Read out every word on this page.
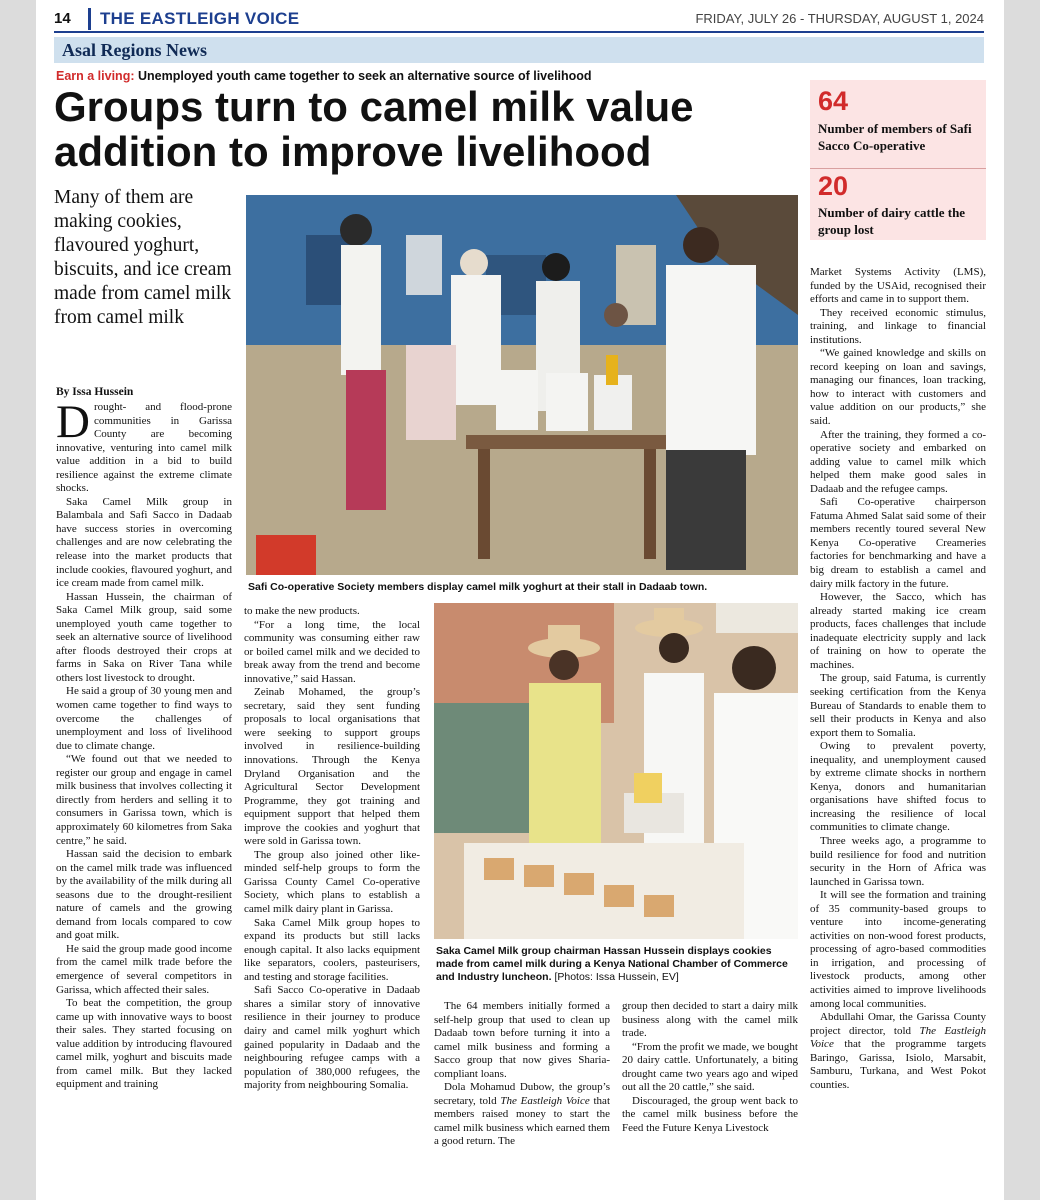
14 THE EASTLEIGH VOICE	FRIDAY, JULY 26 - THURSDAY, AUGUST 1, 2024
Asal Regions News
Earn a living: Unemployed youth came together to seek an alternative source of livelihood
Groups turn to camel milk value addition to improve livelihood
64
Number of members of Safi Sacco Co-operative
20
Number of dairy cattle the group lost
Many of them are making cookies, flavoured yoghurt, biscuits, and ice cream made from camel milk from camel milk
By Issa Hussein
Safi Co-operative Society members display camel milk yoghurt at their stall in Dadaab town.
Saka Camel Milk group chairman Hassan Hussein displays cookies made from camel milk during a Kenya National Chamber of Commerce and Industry luncheon. [Photos: Issa Hussein, EV]

Drought- and flood-prone communities in Garissa County are becoming innovative, venturing into camel milk value addition in a bid to build resilience against the extreme climate shocks.

Saka Camel Milk group in Balambala and Safi Sacco in Dadaab have success stories in overcoming challenges and are now celebrating the release into the market products that include cookies, flavoured yoghurt, and ice cream made from camel milk.

Hassan Hussein, the chairman of Saka Camel Milk group, said some unemployed youth came together to seek an alternative source of livelihood after floods destroyed their crops at farms in Saka on River Tana while others lost livestock to drought.

He said a group of 30 young men and women came together to find ways to overcome the challenges of unemployment and loss of livelihood due to climate change.

“We found out that we needed to register our group and engage in camel milk business that involves collecting it directly from herders and selling it to consumers in Garissa town, which is approximately 60 kilometres from Saka centre,” he said.

Hassan said the decision to embark on the camel milk trade was influenced by the availability of the milk during all seasons due to the drought-resilient nature of camels and the growing demand from locals compared to cow and goat milk.

He said the group made good income from the camel milk trade before the emergence of several competitors in Garissa, which affected their sales.

To beat the competition, the group came up with innovative ways to boost their sales. They started focusing on value addition by introducing flavoured camel milk, yoghurt and biscuits made from camel milk. But they lacked equipment and training

to make the new products.

“For a long time, the local community was consuming either raw or boiled camel milk and we decided to break away from the trend and become innovative,” said Hassan.

Zeinab Mohamed, the group’s secretary, said they sent funding proposals to local organisations that were seeking to support groups involved in resilience-building innovations. Through the Kenya Dryland Organisation and the Agricultural Sector Development Programme, they got training and equipment support that helped them improve the cookies and yoghurt that were sold in Garissa town.

The group also joined other like-minded self-help groups to form the Garissa County Camel Co-operative Society, which plans to establish a camel milk dairy plant in Garissa.

Saka Camel Milk group hopes to expand its products but still lacks enough capital. It also lacks equipment like separators, coolers, pasteurisers, and testing and storage facilities.

Safi Sacco Co-operative in Dadaab shares a similar story of innovative resilience in their journey to produce dairy and camel milk yoghurt which gained popularity in Dadaab and the neighbouring refugee camps with a population of 380,000 refugees, the majority from neighbouring Somalia.

The 64 members initially formed a self-help group that used to clean up Dadaab town before turning it into a camel milk business and forming a Sacco group that now gives Sharia-compliant loans.

Dola Mohamud Dubow, the group’s secretary, told The Eastleigh Voice that members raised money to start the camel milk business which earned them a good return. The

group then decided to start a dairy milk business along with the camel milk trade.

“From the profit we made, we bought 20 dairy cattle. Unfortunately, a biting drought came two years ago and wiped out all the 20 cattle,” she said.

Discouraged, the group went back to the camel milk business before the Feed the Future Kenya Livestock

Market Systems Activity (LMS), funded by the USAid, recognised their efforts and came in to support them.

They received economic stimulus, training, and linkage to financial institutions.

“We gained knowledge and skills on record keeping on loan and savings, managing our finances, loan tracking, how to interact with customers and value addition on our products,” she said.

After the training, they formed a co-operative society and embarked on adding value to camel milk which helped them make good sales in Dadaab and the refugee camps.

Safi Co-operative chairperson Fatuma Ahmed Salat said some of their members recently toured several New Kenya Co-operative Creameries factories for benchmarking and have a big dream to establish a camel and dairy milk factory in the future.

However, the Sacco, which has already started making ice cream products, faces challenges that include inadequate electricity supply and lack of training on how to operate the machines.

The group, said Fatuma, is currently seeking certification from the Kenya Bureau of Standards to enable them to sell their products in Kenya and also export them to Somalia.

Owing to prevalent poverty, inequality, and unemployment caused by extreme climate shocks in northern Kenya, donors and humanitarian organisations have shifted focus to increasing the resilience of local communities to climate change.

Three weeks ago, a programme to build resilience for food and nutrition security in the Horn of Africa was launched in Garissa town.

It will see the formation and training of 35 community-based groups to venture into income-generating activities on non-wood forest products, processing of agro-based commodities in irrigation, and processing of livestock products, among other activities aimed to improve livelihoods among local communities.

Abdullahi Omar, the Garissa County project director, told The Eastleigh Voice that the programme targets Baringo, Garissa, Isiolo, Marsabit, Samburu, Turkana, and West Pokot counties.
